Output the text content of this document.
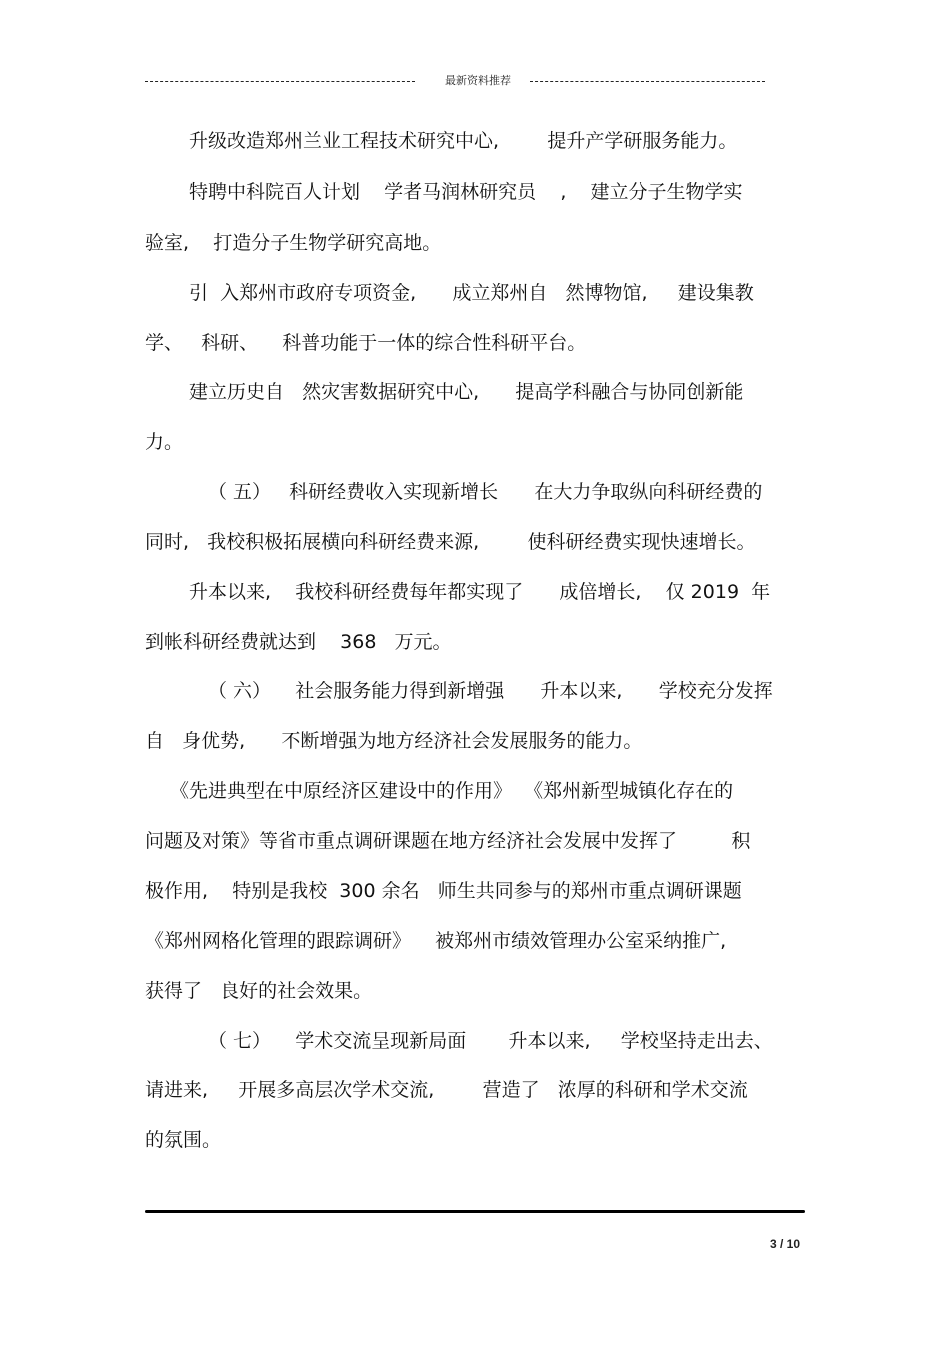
最新资料推荐
升级改造郑州兰业工程技术研究中心,        提升产学研服务能力。
特聘中科院百人计划    学者马润林研究员    ,    建立分子生物学实
验室,    打造分子生物学研究高地。
引  入郑州市政府专项资金,      成立郑州自   然博物馆,     建设集教
学、   科研、    科普功能于一体的综合性科研平台。
建立历史自   然灾害数据研究中心,      提高学科融合与协同创新能
力。
（ 五）   科研经费收入实现新增长      在大力争取纵向科研经费的
同时,   我校积极拓展横向科研经费来源,        使科研经费实现快速增长。
升本以来,    我校科研经费每年都实现了      成倍增长,    仅 2019  年
到帐科研经费就达到    368   万元。
（ 六）    社会服务能力得到新增强      升本以来,      学校充分发挥
自   身优势,      不断增强为地方经济社会发展服务的能力。
《先进典型在中原经济区建设中的作用》  《郑州新型城镇化存在的
问题及对策》等省市重点调研课题在地方经济社会发展中发挥了         积
极作用,    特别是我校  300 余名   师生共同参与的郑州市重点调研课题
《郑州网格化管理的跟踪调研》    被郑州市绩效管理办公室采纳推广,
获得了   良好的社会效果。
（ 七）    学术交流呈现新局面       升本以来,     学校坚持走出去、
请进来,     开展多高层次学术交流,        营造了   浓厚的科研和学术交流
的氛围。
3 / 10
